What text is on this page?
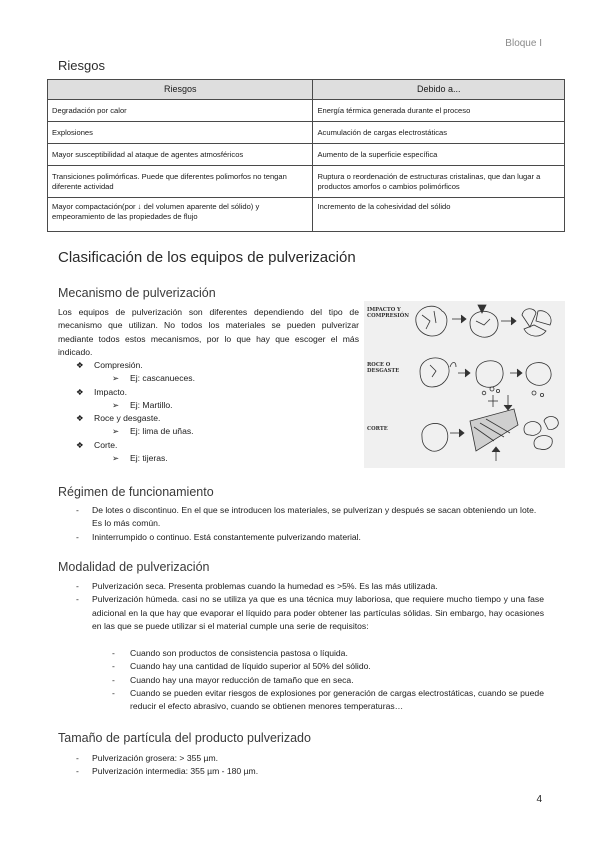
Bloque I
Riesgos
Riesgos	Debido a...
Degradación por calor	Energía térmica generada durante el proceso
Explosiones	Acumulación de cargas electrostáticas
Mayor susceptibilidad al ataque de agentes atmosféricos	Aumento de la superficie específica
Transiciones polimórficas. Puede que diferentes polimorfos no tengan diferente actividad	Ruptura o reordenación de estructuras cristalinas, que dan lugar a productos amorfos o cambios polimórficos
Mayor compactación(por ↓ del volumen aparente del sólido) y empeoramiento de las propiedades de flujo	Incremento de la cohesividad del sólido
Clasificación de los equipos de pulverización
Mecanismo de pulverización
Los equipos de pulverización son diferentes dependiendo del tipo de mecanismo que utilizan. No todos los materiales se pueden pulverizar mediante todos estos mecanismos, por lo que hay que escoger el más indicado.
❖ Compresión.
➢ Ej: cascanueces.
❖ Impacto.
➢ Ej: Martillo.
❖ Roce y desgaste.
➢ Ej: lima de uñas.
❖ Corte.
➢ Ej: tijeras.
IMPACTO Y COMPRESIÓN
ROCE O DESGASTE
CORTE
Régimen de funcionamiento
- De lotes o discontinuo. En el que se introducen los materiales, se pulverizan y después se sacan obteniendo un lote. Es lo más común.
- Ininterrumpido o continuo. Está constantemente pulverizando material.
Modalidad de pulverización
- Pulverización seca. Presenta problemas cuando la humedad es >5%. Es las más utilizada.
- Pulverización húmeda. casi no se utiliza ya que es una técnica muy laboriosa, que requiere mucho tiempo y una fase adicional en la que hay que evaporar el líquido para poder obtener las partículas sólidas. Sin embargo, hay ocasiones en las que se puede utilizar si el material cumple una serie de requisitos:
- Cuando son productos de consistencia pastosa o líquida.
- Cuando hay una cantidad de líquido superior al 50% del sólido.
- Cuando hay una mayor reducción de tamaño que en seca.
- Cuando se pueden evitar riesgos de explosiones por generación de cargas electrostáticas, cuando se puede reducir el efecto abrasivo, cuando se obtienen menores temperaturas…
Tamaño de partícula del producto pulverizado
- Pulverización grosera: > 355 µm.
- Pulverización intermedia: 355 µm - 180 µm.
4
